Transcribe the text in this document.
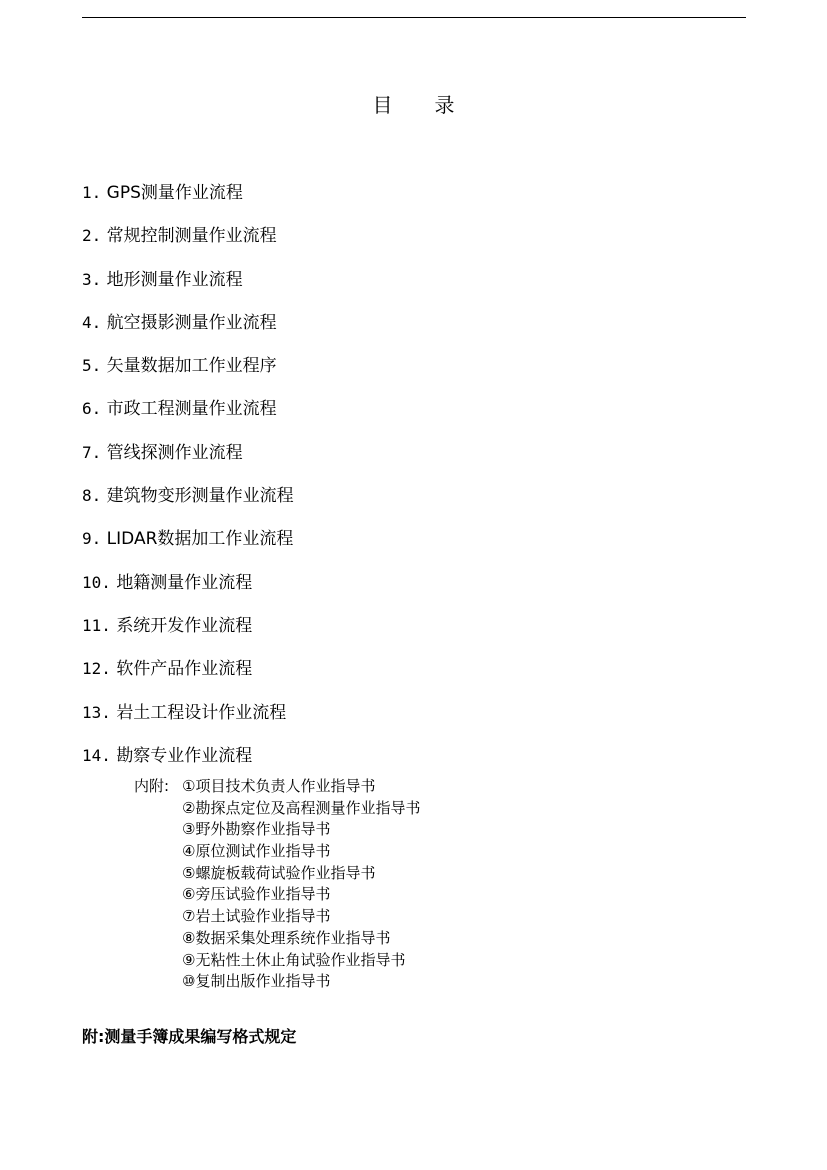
目 录
1. GPS测量作业流程
2. 常规控制测量作业流程
3. 地形测量作业流程
4. 航空摄影测量作业流程
5. 矢量数据加工作业程序
6. 市政工程测量作业流程
7. 管线探测作业流程
8. 建筑物变形测量作业流程
9. LIDAR数据加工作业流程
10. 地籍测量作业流程
11. 系统开发作业流程
12. 软件产品作业流程
13. 岩土工程设计作业流程
14. 勘察专业作业流程
内附: ①项目技术负责人作业指导书
②勘探点定位及高程测量作业指导书
③野外勘察作业指导书
④原位测试作业指导书
⑤螺旋板载荷试验作业指导书
⑥旁压试验作业指导书
⑦岩土试验作业指导书
⑧数据采集处理系统作业指导书
⑨无粘性土休止角试验作业指导书
⑩复制出版作业指导书
附:测量手簿成果编写格式规定
